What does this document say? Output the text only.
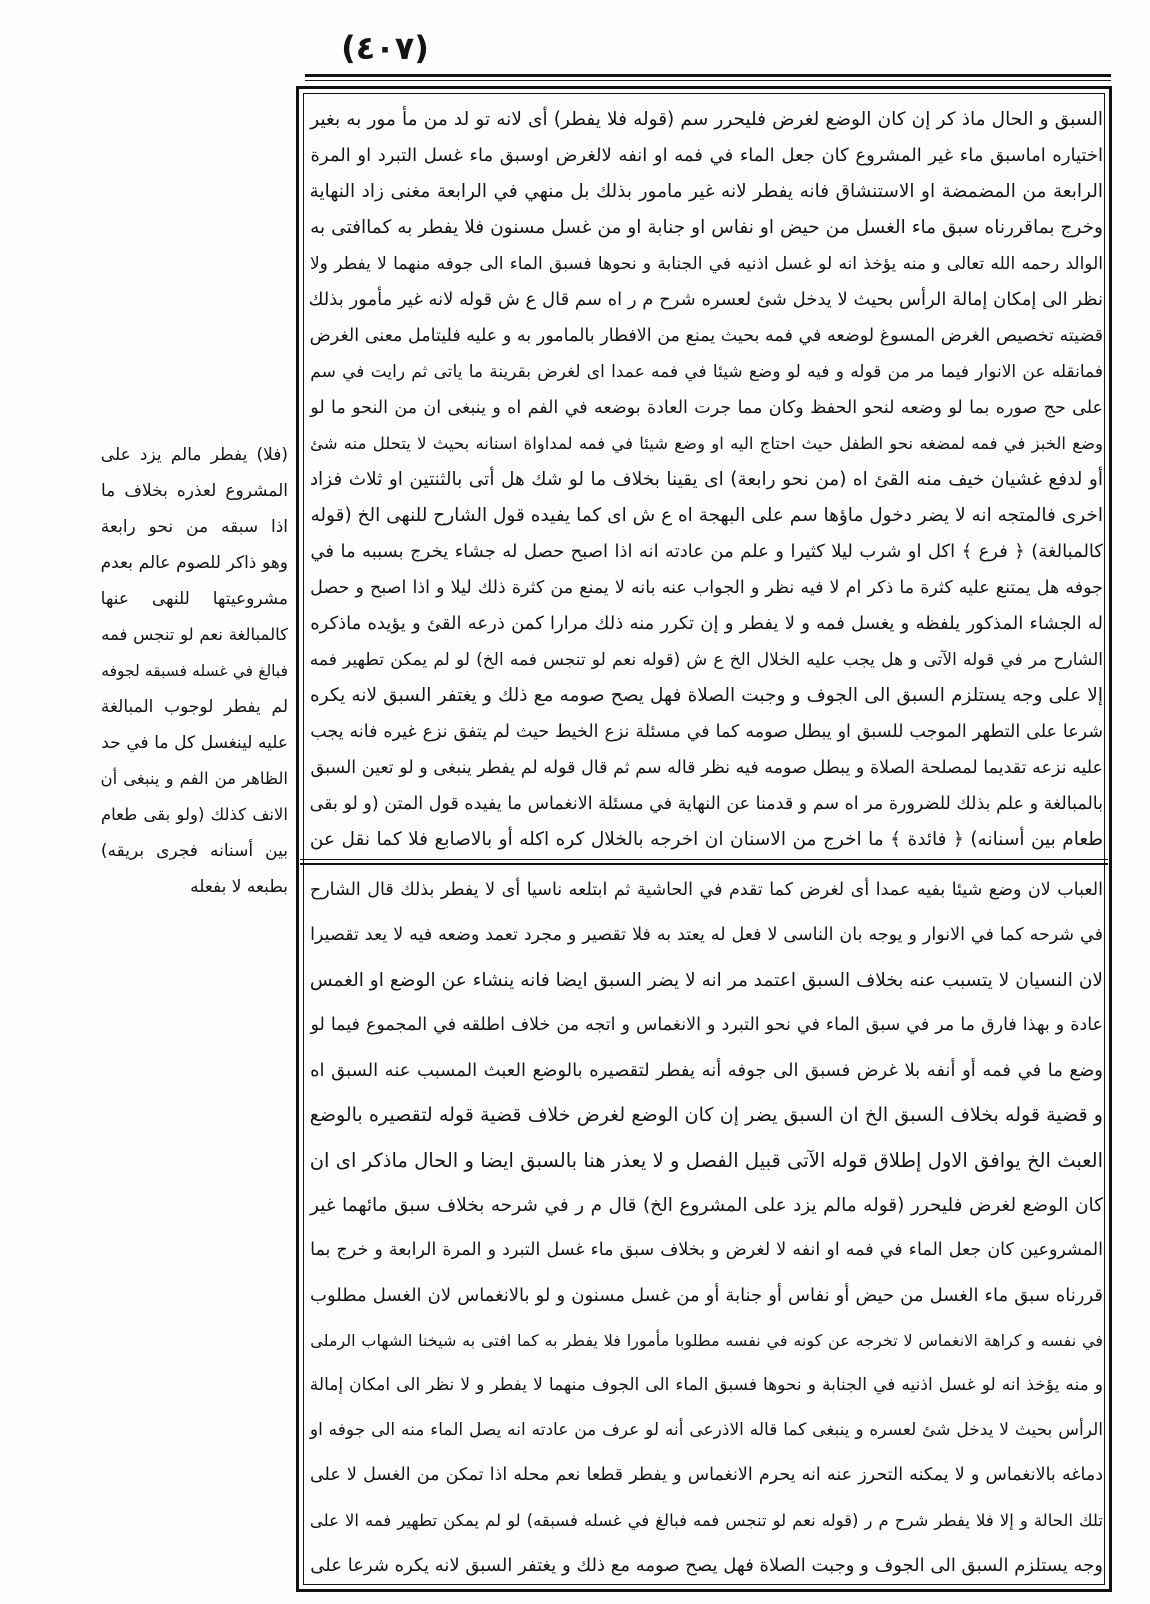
(٤٠٧)
السبق و الحال ماذ كر إن كان الوضع لغرض فليحرر سم (قوله فلا يفطر) أى لانه تو لد من مأ مور به بغير
اختياره اماسبق ماء غير المشروع كان جعل الماء في فمه او انفه لالغرض اوسبق ماء غسل التبرد او المرة
الرابعة من المضمضة او الاستنشاق فانه يفطر لانه غير مامور بذلك بل منهي في الرابعة مغنى زاد النهاية
وخرج بماقررناه سبق ماء الغسل من حيض او نفاس او جنابة او من غسل مسنون فلا يفطر به كماافتى به
الوالد رحمه الله تعالى و منه يؤخذ انه لو غسل اذنيه في الجنابة و نحوها فسبق الماء الى جوفه منهما لا يفطر ولا
نظر الى إمكان إمالة الرأس بحيث لا يدخل شئ لعسره شرح م ر اه سم قال ع ش قوله لانه غير مأمور بذلك
قضيته تخصيص الغرض المسوغ لوضعه في فمه بحيث يمنع من الافطار بالمامور به و عليه فليتامل معنى الغرض
فمانقله عن الانوار فيما مر من قوله و فيه لو وضع شيئا في فمه عمدا اى لغرض بقرينة ما ياتى ثم رايت في سم
على حج صوره بما لو وضعه لنحو الحفظ وكان مما جرت العادة بوضعه في الفم اه و ينبغى ان من النحو ما لو
وضع الخبز في فمه لمضغه نحو الطفل حيث احتاج اليه او وضع شيئا في فمه لمداواة اسنانه بحيث لا يتحلل منه شئ
أو لدفع غشيان خيف منه القئ اه (من نحو رابعة) اى يقينا بخلاف ما لو شك هل أتى بالثنتين او ثلاث فزاد
اخرى فالمتجه انه لا يضر دخول ماؤها سم على البهجة اه ع ش اى كما يفيده قول الشارح للنهى الخ (قوله
كالمبالغة) ﴿ فرع ﴾ اكل او شرب ليلا كثيرا و علم من عادته انه اذا اصبح حصل له جشاء يخرج بسببه ما في
جوفه هل يمتنع عليه كثرة ما ذكر ام لا فيه نظر و الجواب عنه بانه لا يمنع من كثرة ذلك ليلا و اذا اصبح و حصل
له الجشاء المذكور يلفظه و يغسل فمه و لا يفطر و إن تكرر منه ذلك مرارا كمن ذرعه القئ و يؤيده ماذكره
الشارح مر في قوله الآتى و هل يجب عليه الخلال الخ ع ش (قوله نعم لو تنجس فمه الخ) لو لم يمكن تطهير فمه
إلا على وجه يستلزم السبق الى الجوف و وجبت الصلاة فهل يصح صومه مع ذلك و يغتفر السبق لانه يكره
شرعا على التطهر الموجب للسبق او يبطل صومه كما في مسئلة نزع الخيط حيث لم يتفق نزع غيره فانه يجب
عليه نزعه تقديما لمصلحة الصلاة و يبطل صومه فيه نظر قاله سم ثم قال قوله لم يفطر ينبغى و لو تعين السبق
بالمبالغة و علم بذلك للضرورة مر اه سم و قدمنا عن النهاية في مسئلة الانغماس ما يفيده قول المتن (و لو بقى
طعام بين أسنانه) ﴿ فائدة ﴾ ما اخرج من الاسنان ان اخرجه بالخلال كره اكله أو بالاصابع فلا كما نقل عن
العباب لان وضع شيئا بفيه عمدا أى لغرض كما تقدم في الحاشية ثم ابتلعه ناسيا أى لا يفطر بذلك قال الشارح
في شرحه كما في الانوار و يوجه بان الناسى لا فعل له يعتد به فلا تقصير و مجرد تعمد وضعه فيه لا يعد تقصيرا
لان النسيان لا يتسبب عنه بخلاف السبق اعتمد مر انه لا يضر السبق ايضا فانه ينشاء عن الوضع او الغمس
عادة و بهذا فارق ما مر في سبق الماء في نحو التبرد و الانغماس و اتجه من خلاف اطلقه في المجموع فيما لو
وضع ما في فمه أو أنفه بلا غرض فسبق الى جوفه أنه يفطر لتقصيره بالوضع العبث المسبب عنه السبق اه
و قضية قوله بخلاف السبق الخ ان السبق يضر إن كان الوضع لغرض خلاف قضية قوله لتقصيره بالوضع
العبث الخ يوافق الاول إطلاق قوله الآتى قبيل الفصل و لا يعذر هنا بالسبق ايضا و الحال ماذكر اى ان
كان الوضع لغرض فليحرر (قوله مالم يزد على المشروع الخ) قال م ر في شرحه بخلاف سبق مائهما غير
المشروعين كان جعل الماء في فمه او انفه لا لغرض و بخلاف سبق ماء غسل التبرد و المرة الرابعة و خرج بما
قررناه سبق ماء الغسل من حيض أو نفاس أو جنابة أو من غسل مسنون و لو بالانغماس لان الغسل مطلوب
في نفسه و كراهة الانغماس لا تخرجه عن كونه في نفسه مطلوبا مأمورا فلا يفطر به كما افتى به شيخنا الشهاب الرملى
و منه يؤخذ انه لو غسل اذنيه في الجنابة و نحوها فسبق الماء الى الجوف منهما لا يفطر و لا نظر الى امكان إمالة
الرأس بحيث لا يدخل شئ لعسره و ينبغى كما قاله الاذرعى أنه لو عرف من عادته انه يصل الماء منه الى جوفه او
دماغه بالانغماس و لا يمكنه التحرز عنه انه يحرم الانغماس و يفطر قطعا نعم محله اذا تمكن من الغسل لا على
تلك الحالة و إلا فلا يفطر شرح م ر (قوله نعم لو تنجس فمه فبالغ في غسله فسبقه) لو لم يمكن تطهير فمه الا على
وجه يستلزم السبق الى الجوف و وجبت الصلاة فهل يصح صومه مع ذلك و يغتفر السبق لانه يكره شرعا على
(فلا) يفطر مالم يزد على
المشروع لعذره بخلاف ما
اذا سبقه من نحو رابعة
وهو ذاكر للصوم عالم بعدم
مشروعيتها للنهى عنها
كالمبالغة نعم لو تنجس فمه
فبالغ في غسله فسبقه لجوفه
لم يفطر لوجوب المبالغة
عليه لينغسل كل ما في حد
الظاهر من الفم و ينبغى أن
الانف كذلك (ولو بقى طعام
بين أسنانه فجرى بريقه)
بطبعه لا بفعله
